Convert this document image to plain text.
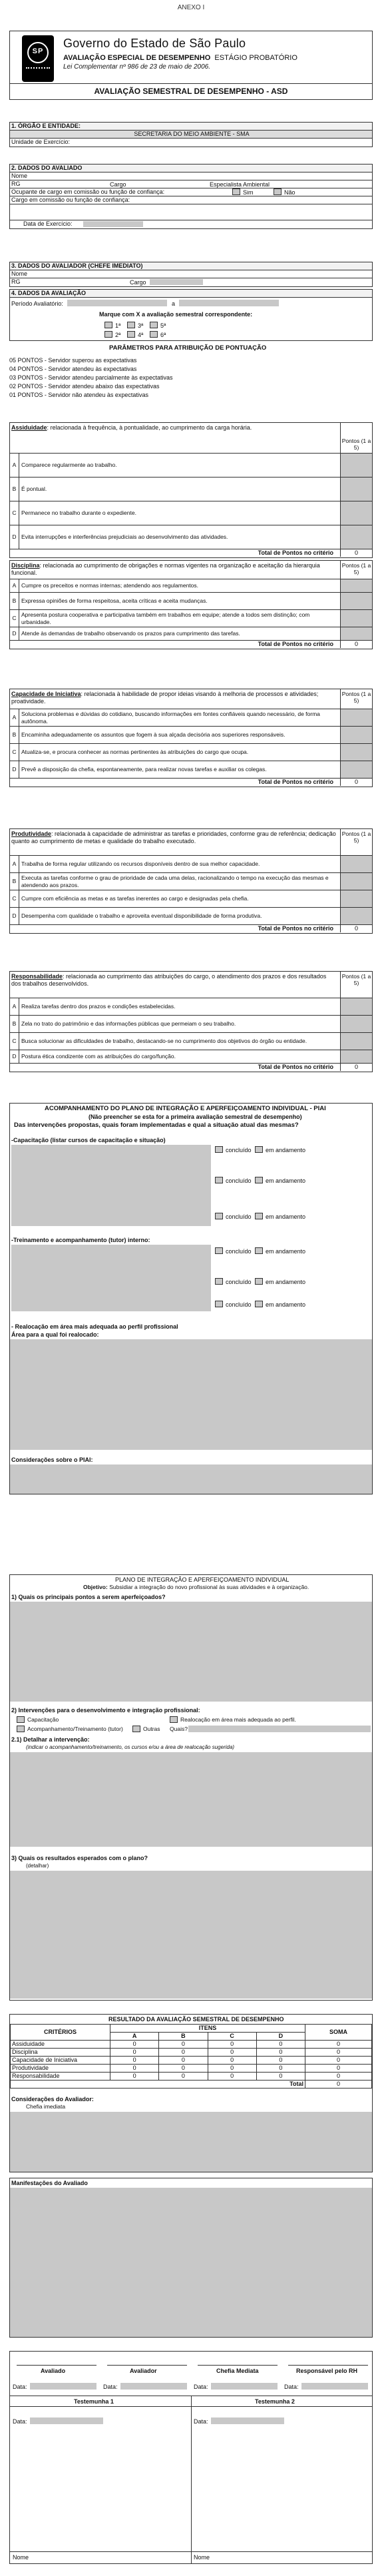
ANEXO I
SP
Governo do Estado de São Paulo
AVALIAÇÃO ESPECIAL DE DESEMPENHO ESTÁGIO PROBATÓRIO
Lei Complementar nº 986 de 23 de maio de 2006.
AVALIAÇÃO SEMESTRAL DE DESEMPENHO - ASD
1. ÓRGÃO E ENTIDADE:
SECRETARIA DO MEIO AMBIENTE - SMA
Unidade de Exercício:
2. DADOS DO AVALIADO
Nome
RG	Cargo	Especialista Ambiental
Ocupante de cargo em comissão ou função de confiança:	Sim	Não
Cargo em comissão ou função de confiança:
Data de Exercício:
3. DADOS DO AVALIADOR (CHEFE IMEDIATO)
Nome
RG	Cargo
4. DADOS DA AVALIAÇÃO
Período Avaliatório:	a
Marque com X a avaliação semestral correspondente:
1ª	3ª	5ª
2ª	4ª	6ª
PARÂMETROS PARA ATRIBUIÇÃO DE PONTUAÇÃO
05 PONTOS - Servidor superou as expectativas
04 PONTOS - Servidor atendeu às expectativas
03 PONTOS - Servidor atendeu parcialmente às expectativas
02 PONTOS - Servidor atendeu abaixo das expectativas
01 PONTOS - Servidor não atendeu às expectativas
Assiduidade: relacionada à frequência, à pontualidade, ao cumprimento da carga horária.
Pontos (1 a 5)
A Comparece regularmente ao trabalho.
B É pontual.
C Permanece no trabalho durante o expediente.
D Evita interrupções e interferências prejudiciais ao desenvolvimento das atividades.
Total de Pontos no critério	0
Disciplina: relacionada ao cumprimento de obrigações e normas vigentes na organização e aceitação da hierarquia funcional.
Pontos (1 a 5)
A Cumpre os preceitos e normas internas; atendendo aos regulamentos.
B Expressa opiniões de forma respeitosa, aceita críticas e aceita mudanças.
C
Apresenta postura cooperativa e participativa também em trabalhos em equipe; atende a todos sem distinção; com urbanidade.
D Atende às demandas de trabalho observando os prazos para cumprimento das tarefas.
Total de Pontos no critério	0
Capacidade de Iniciativa: relacionada à habilidade de propor ideias visando à melhoria de processos e atividades; proatividade.
Pontos (1 a 5)
A
Soluciona problemas e dúvidas do cotidiano, buscando informações em fontes confiáveis quando necessário, de forma autônoma.
B Encaminha adequadamente os assuntos que fogem à sua alçada decisória aos superiores responsáveis.
C Atualiza-se, e procura conhecer as normas pertinentes às atribuições do cargo que ocupa.
D Prevê a disposição da chefia, espontaneamente, para realizar novas tarefas e auxiliar os colegas.
Total de Pontos no critério	0
Produtividade: relacionada à capacidade de administrar as tarefas e prioridades, conforme grau de referência; dedicação quanto ao cumprimento de metas e qualidade do trabalho executado.
Pontos (1 a 5)
A Trabalha de forma regular utilizando os recursos disponíveis dentro de sua melhor capacidade.
B
Executa as tarefas conforme o grau de prioridade de cada uma delas, racionalizando o tempo na execução das mesmas e atendendo aos prazos.
C Cumpre com eficiência as metas e as tarefas inerentes ao cargo e designadas pela chefia.
D Desempenha com qualidade o trabalho e aproveita eventual disponibilidade de forma produtiva.
Total de Pontos no critério	0
Responsabilidade: relacionada ao cumprimento das atribuições do cargo, o atendimento dos prazos e dos resultados dos trabalhos desenvolvidos.
Pontos (1 a 5)
A Realiza tarefas dentro dos prazos e condições estabelecidas.
B Zela no trato do patrimônio e das informações públicas que permeiam o seu trabalho.
C Busca solucionar as dificuldades de trabalho, destacando-se no cumprimento dos objetivos do órgão ou entidade.
D Postura ética condizente com as atribuições do cargo/função.
Total de Pontos no critério	0
ACOMPANHAMENTO DO PLANO DE INTEGRAÇÃO E APERFEIÇOAMENTO INDIVIDUAL - PIAI
(Não preencher se esta for a primeira avaliação semestral de desempenho)
Das intervenções propostas, quais foram implementadas e qual a situação atual das mesmas?
-Capacitação (listar cursos de capacitação e situação)
concluído em andamento
concluído em andamento
concluído em andamento
-Treinamento e acompanhamento (tutor) interno:
concluído em andamento
concluído em andamento
concluído em andamento
- Realocação em área mais adequada ao perfil profissional
Área para a qual foi realocado:
Considerações sobre o PIAI:
PLANO DE INTEGRAÇÃO E APERFEIÇOAMENTO INDIVIDUAL
Objetivo: Subsidiar a integração do novo profissional às suas atividades e à organização.
1) Quais os principais pontos a serem aperfeiçoados?
2) Intervenções para o desenvolvimento e integração profissional:
Capacitação	Realocação em área mais adequada ao perfil.
Acompanhamento/Treinamento (tutor)	Outras Quais?
2.1) Detalhar a intervenção:
(indicar o acompanhamento/treinamento, os cursos e/ou a área de realocação sugerida)
3) Quais os resultados esperados com o plano?
(detalhar)
RESULTADO DA AVALIAÇÃO SEMESTRAL DE DESEMPENHO
CRITÉRIOS	ITENS				SOMA
	A	B	C	D	
Assiduidade	0	0	0	0	0
Disciplina	0	0	0	0	0
Capacidade de Iniciativa	0	0	0	0	0
Produtividade	0	0	0	0	0
Responsabilidade	0	0	0	0	0
Total					0
Considerações do Avaliador:
Chefia imediata
Manifestações do Avaliado
Avaliado	Avaliador	Chefia Mediata	Responsável pelo RH
Data:	Data:	Data:	Data:
Testemunha 1	Testemunha 2
Data:	Data:
Nome	Nome
